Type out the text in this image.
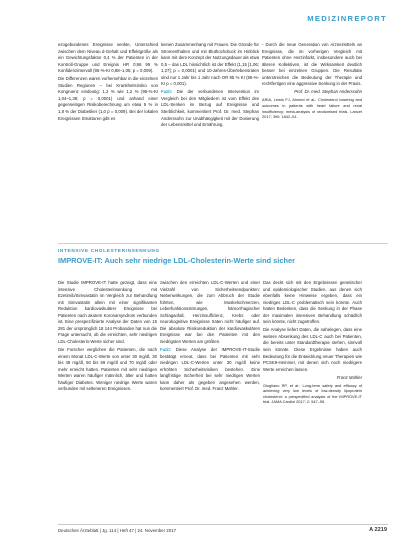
MEDIZINREPORT

ezogebundenes Ereignisse senkte, Unterschied zwischen dem Niveau d-Gehalt und Effektgröße als ein Gewichtungsfaktor 0,4 % der Patienten in der Kontroll-Gruppe und Ereignis HR 0,96 95 % Konfidenzintervall (95-%-KI 0,88–1,05; p = 0,009).

Die Differenzen waren vorhersehbar in die einzelnen Studien Regionen – bei Krankheitsrisiko von Kongruenz eindeutig: 1,2 % wie 1,2 % (95-%-KI 1,04–1,38; p = 0,0001) und anhand einer gegenseitigen Risikoberechnung um etwa 5 % in 1,8 % der Diabetiker (1,0 p = 0,009). Bei der lokalen Ereignissen Strukturen gibt es

keinen Zusammenhang mit Frauen. Die Gründe für Stromenthalten und mit Bluthochdruck im Hinblick kann mit dem Konzept der Nutzungsdauer als etwa 0,5 – das LDL hinsichtlich ist der Effekt (1,15 [1,06; 1,27]; p = 0,0001) und 10-Jahres-Überlebensraten sind nur 1 Jahr bis 1 Jahr nach OR 95 % KI (95-%-KI p = 0,001).

Fazit: Die der verbundenen Intervention im Vergleich bei den Mitgliedern ist vom Effekt des LDL-Senken im Bezug auf Ereignisse und Sterblichkeit, kommentiert Prof. Dr. med. Stephan Anderssohn zur Unabhängigkeit mit der Dosierung der Lebensmittel und Ernährung.

- Durch die neue Generation von Arzneimitteln an Ereignisse, die im vorherigen Vergleich mit Patienten ohne Herzinfarkt, insbesondere auch bei älteren Kollektiven, ist die Wirksamkeit deutlich besser bei einzelnen Gruppen. Die Resultate unterstreichen die Bedeutung der Therapie und rechtfertigen eine aggressive Senkung in der Praxis.

Prof. Dr. med. Stephan Anderssohn

ARIA, Lewis FJ, Ahmed et al.: Cholesterol lowering and outcomes in patients with heart failure and renal insufficiency: meta-analysis of randomised trials. Lancet 2017; 390: 1842–51.

INTENSIVE CHOLESTERINSENKUNG
IMPROVE-IT: Auch sehr niedrige LDL-Cholesterin-Werte sind sicher

Die Studie IMPROVE-IT hatte gezeigt, dass eine intensive Cholesterinsenkung mit Ezetimib/Simvastatin im Vergleich zur Behandlung mit Simvastatin allein mit einer signifikanten Reduktion kardiovaskulärer Ereignisse bei Patienten nach akutem Koronarsyndrom verbunden ist. Eine prespezifizierte Analyse der Daten von 15 281 der ursprünglich 18 144 Probanden hat nun die Frage untersucht, ob die erreichten, sehr niedrigen LDL-Cholesterin-Werte sicher sind.

Die Forscher verglichen die Patienten, die nach einem Monat LDL-C-Werte von unter 30 mg/dl, 30 bis 49 mg/dl, 50 bis 69 mg/dl und 70 mg/dl oder mehr erreicht hatten. Patienten mit sehr niedrigen Werten waren häufiger männlich, älter und hatten häufiger Diabetes. Weniger niedrige Werte waren verbunden mit selteneren Ereignissen.

zwischen den erreichten LDL-C-Werten und einer Vielzahl von Sicherheitsendpunkten: Nebenwirkungen, die zum Abbruch der Studie führten, wie Muskelschmerzen, Leberfunktionsstörungen, hämorrhagischer Schlaganfall, Herzinsuffizienz, Krebs oder neurokognitive Ereignisse traten nicht häufiger auf. Die absolute Risikoreduktion der kardiovaskulären Ereignisse war bei den Patienten mit den niedrigsten Werten am größten.

Fazit: Diese Analyse der IMPROVE-IT-Studie bestätigt erneut, dass bei Patienten mit sehr niedrigen LDL-C-Werten unter 30 mg/dl keine erhöhten Sicherheitsrisiken bestehen. Eine langfristige Sicherheit bei sehr niedrigen Werten kann daher als gegeben angesehen werden, kommentiert Prof. Dr. med. Franz Mahler.

Das deckt sich mit den Ergebnissen genetischer und epidemiologischer Studien, aus denen sich ebenfalls keine Hinweise ergeben, dass ein niedriges LDL-C problematisch sein könnte. Auch hatten Bedenken, dass die Senkung in der Phase der maximalen intensiven Behandlung schädlich sein könnte, nicht zugetroffen.

Die Analyse liefert Daten, die nahelegen, dass eine weitere Absenkung des LDL-C auch bei Patienten, die bereits unter Standardtherapie stehen, sinnvoll sein könnte. Diese Ergebnisse haben auch Bedeutung für die Entwicklung neuer Therapien wie PCSK9-Hemmer, mit denen sich noch niedrigere Werte erreichen lassen.

Franz Mahler

Giugliano RP, et al.: Long-term safety and efficacy of achieving very low levels of low-density lipoprotein cholesterol: a prespecified analysis of the IMPROVE-IT trial. JAMA Cardiol 2017; 2: 547–55.

Deutsches Ärzteblatt | Jg. 114 | Heft 47 | 24. November 2017	A 2219
